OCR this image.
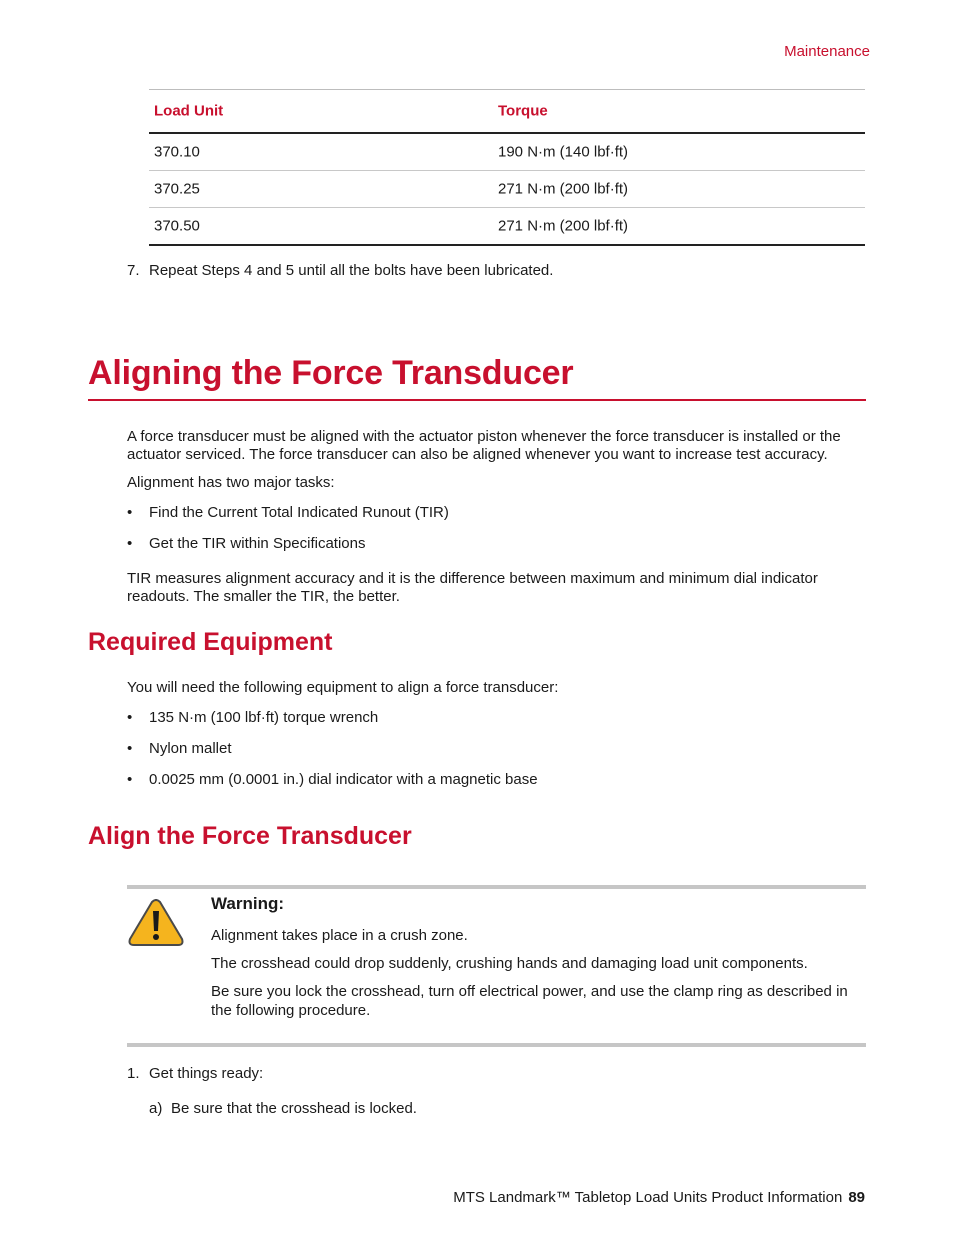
Maintenance
Load Unit	Torque
370.10	190 N·m (140 lbf·ft)
370.25	271 N·m (200 lbf·ft)
370.50	271 N·m (200 lbf·ft)
7. Repeat Steps 4 and 5 until all the bolts have been lubricated.
Aligning the Force Transducer
A force transducer must be aligned with the actuator piston whenever the force transducer is installed or the actuator serviced. The force transducer can also be aligned whenever you want to increase test accuracy.
Alignment has two major tasks:
• Find the Current Total Indicated Runout (TIR)
• Get the TIR within Specifications
TIR measures alignment accuracy and it is the difference between maximum and minimum dial indicator readouts. The smaller the TIR, the better.
Required Equipment
You will need the following equipment to align a force transducer:
• 135 N·m (100 lbf·ft) torque wrench
• Nylon mallet
• 0.0025 mm (0.0001 in.) dial indicator with a magnetic base
Align the Force Transducer
Warning:
Alignment takes place in a crush zone.
The crosshead could drop suddenly, crushing hands and damaging load unit components.
Be sure you lock the crosshead, turn off electrical power, and use the clamp ring as described in the following procedure.
1. Get things ready:
a) Be sure that the crosshead is locked.
MTS Landmark™ Tabletop Load Units Product Information 89
